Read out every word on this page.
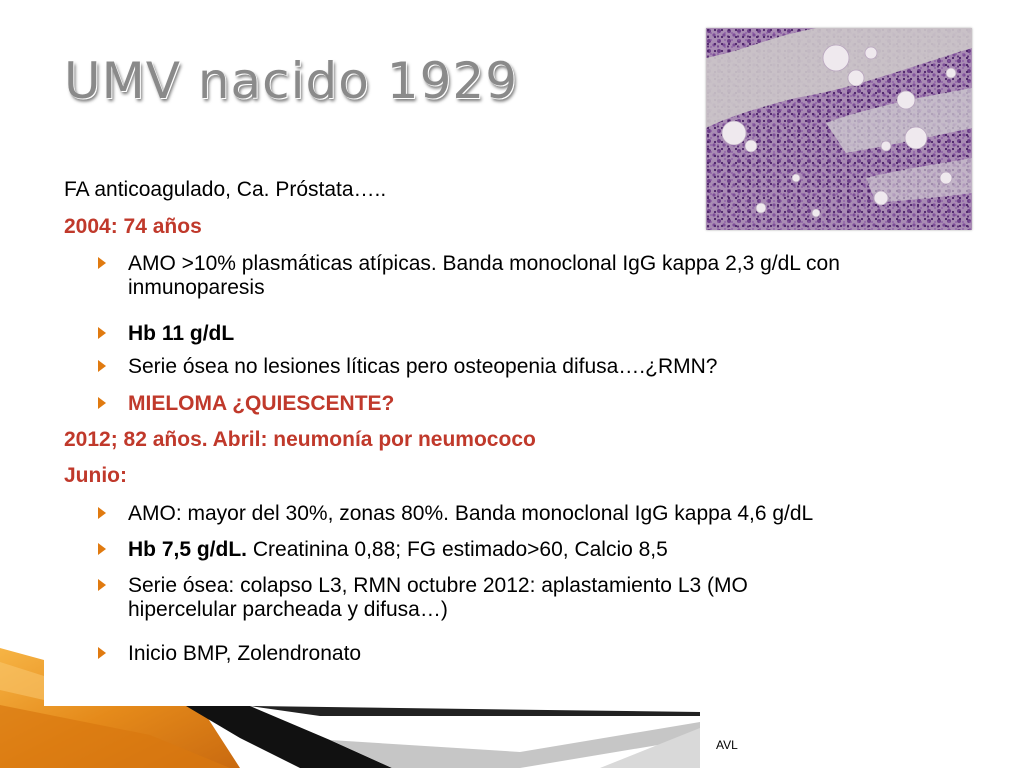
UMV nacido 1929
FA anticoagulado, Ca. Próstata…..
2004: 74 años
AMO >10% plasmáticas atípicas. Banda monoclonal IgG kappa 2,3 g/dL con
inmunoparesis
Hb 11 g/dL
Serie ósea no lesiones líticas pero osteopenia difusa….¿RMN?
MIELOMA ¿QUIESCENTE?
2012; 82 años. Abril: neumonía por neumococo
Junio:
AMO: mayor del 30%, zonas 80%. Banda monoclonal IgG kappa 4,6 g/dL
Hb 7,5 g/dL. Creatinina 0,88; FG estimado>60, Calcio 8,5
Serie ósea: colapso L3, RMN octubre 2012: aplastamiento L3 (MO
hipercelular parcheada y difusa…)
Inicio BMP, Zolendronato
AVL
